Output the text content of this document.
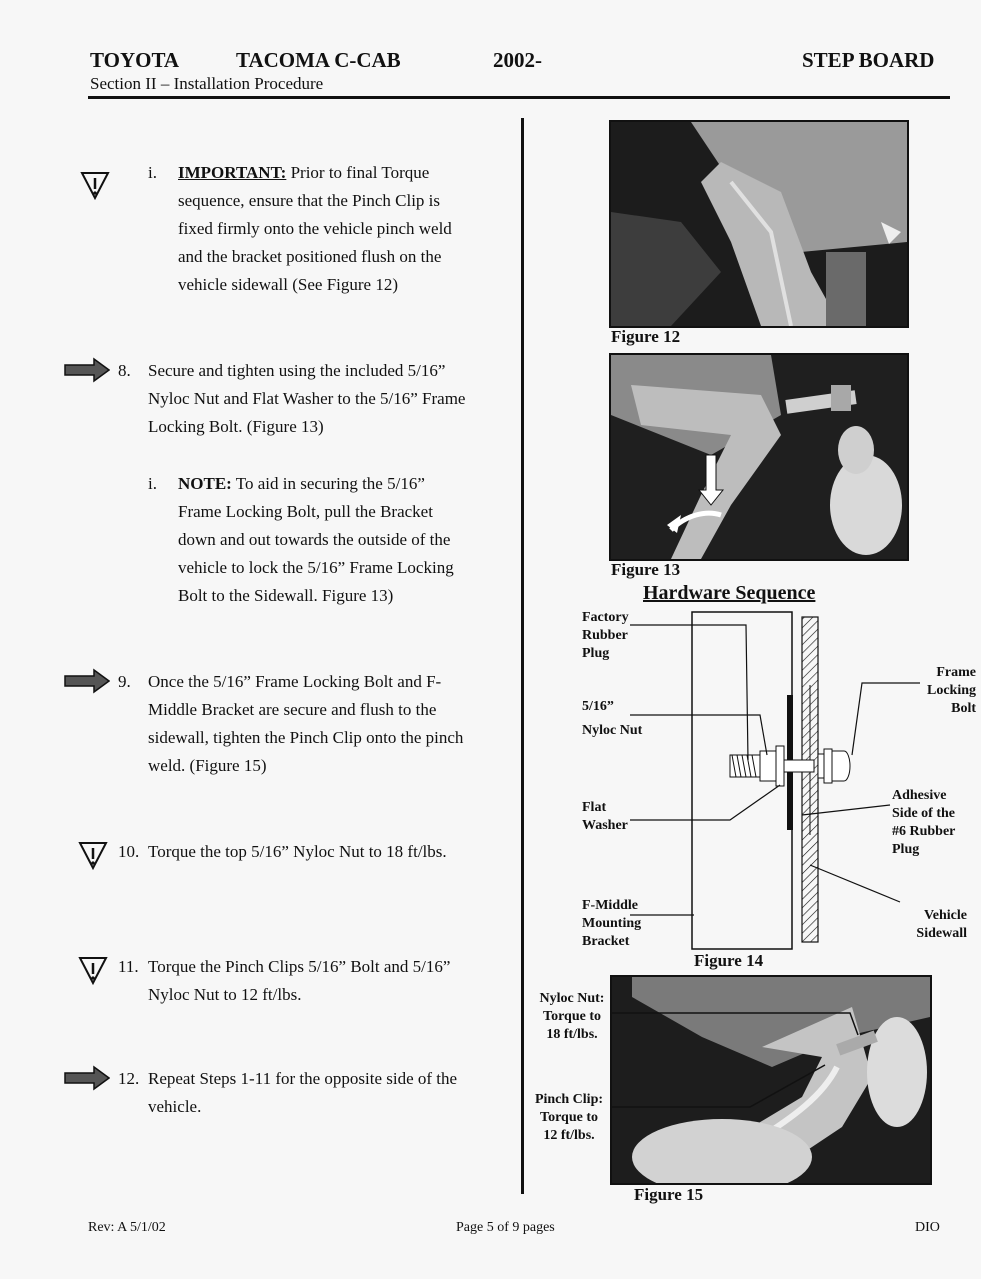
TOYOTA	TACOMA C-CAB	2002-	STEP BOARD
Section II – Installation Procedure
i. IMPORTANT: Prior to final Torque
sequence, ensure that the Pinch Clip is
fixed firmly onto the vehicle pinch weld
and the bracket positioned flush on the
vehicle sidewall (See Figure 12)
8. Secure and tighten using the included 5/16”
Nyloc Nut and Flat Washer to the 5/16” Frame
Locking Bolt. (Figure 13)
i. NOTE: To aid in securing the 5/16”
Frame Locking Bolt, pull the Bracket
down and out towards the outside of the
vehicle to lock the 5/16” Frame Locking
Bolt to the Sidewall. Figure 13)
9. Once the 5/16” Frame Locking Bolt and F-
Middle Bracket are secure and flush to the
sidewall, tighten the Pinch Clip onto the pinch
weld. (Figure 15)
10. Torque the top 5/16” Nyloc Nut to 18 ft/lbs.
11. Torque the Pinch Clips 5/16” Bolt and 5/16”
Nyloc Nut to 12 ft/lbs.
12. Repeat Steps 1-11 for the opposite side of the
vehicle.
Figure 12
Figure 13
Hardware Sequence
Factory
Rubber
Plug
5/16”
Nyloc Nut
Flat
Washer
F-Middle
Mounting
Bracket
Frame
Locking
Bolt
Adhesive
Side of the
#6 Rubber
Plug
Vehicle
Sidewall
Figure 14
Nyloc Nut:
Torque to
18 ft/lbs.
Pinch Clip:
Torque to
12 ft/lbs.
Figure 15
Rev: A 5/1/02	Page 5 of 9 pages	DIO
